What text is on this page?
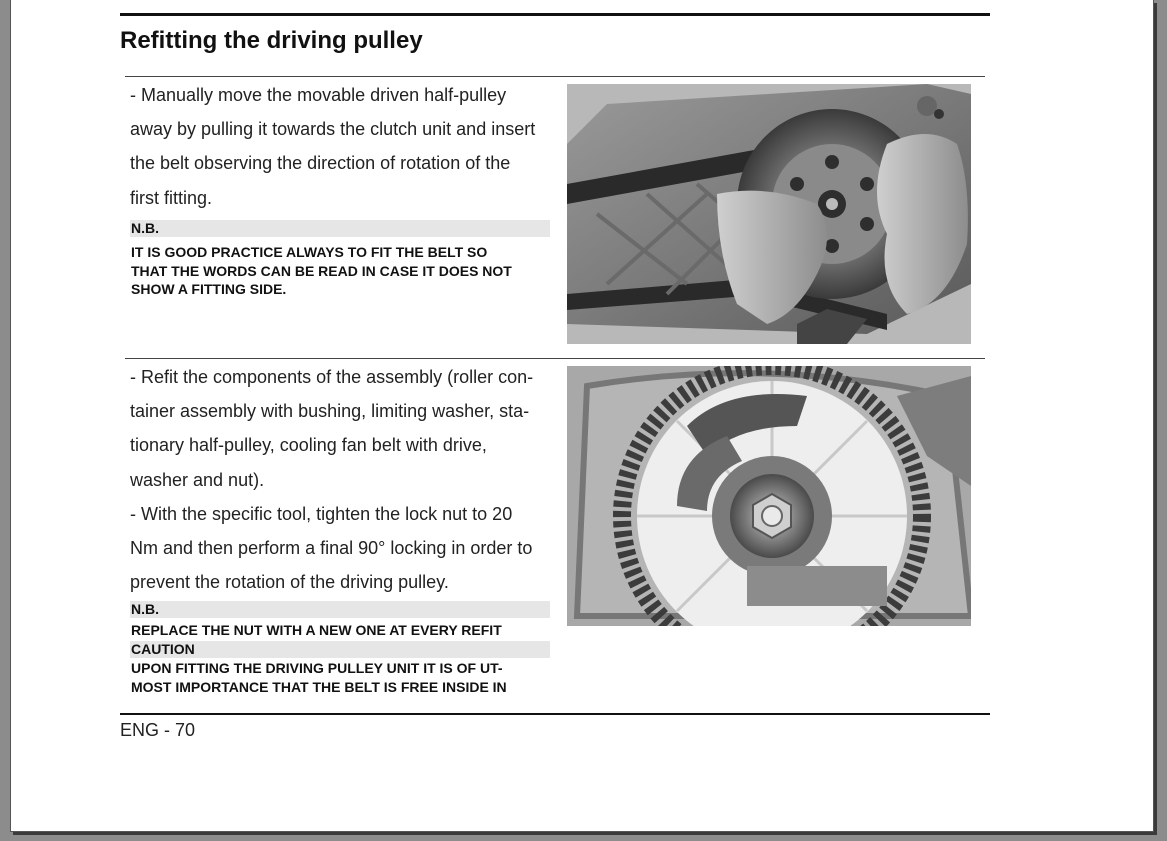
Refitting the driving pulley

- Manually move the movable driven half-pulley
away by pulling it towards the clutch unit and insert
the belt observing the direction of rotation of the
first fitting.

N.B.

IT IS GOOD PRACTICE ALWAYS TO FIT THE BELT SO
THAT THE WORDS CAN BE READ IN CASE IT DOES NOT
SHOW A FITTING SIDE.

- Refit the components of the assembly (roller con-
tainer assembly with bushing, limiting washer, sta-
tionary half-pulley, cooling fan belt with drive,
washer and nut).
- With the specific tool, tighten the lock nut to 20
Nm and then perform a final 90° locking in order to
prevent the rotation of the driving pulley.

N.B.

REPLACE THE NUT WITH A NEW ONE AT EVERY REFIT

CAUTION

UPON FITTING THE DRIVING PULLEY UNIT IT IS OF UT-
MOST IMPORTANCE THAT THE BELT IS FREE INSIDE IN

ENG - 70
